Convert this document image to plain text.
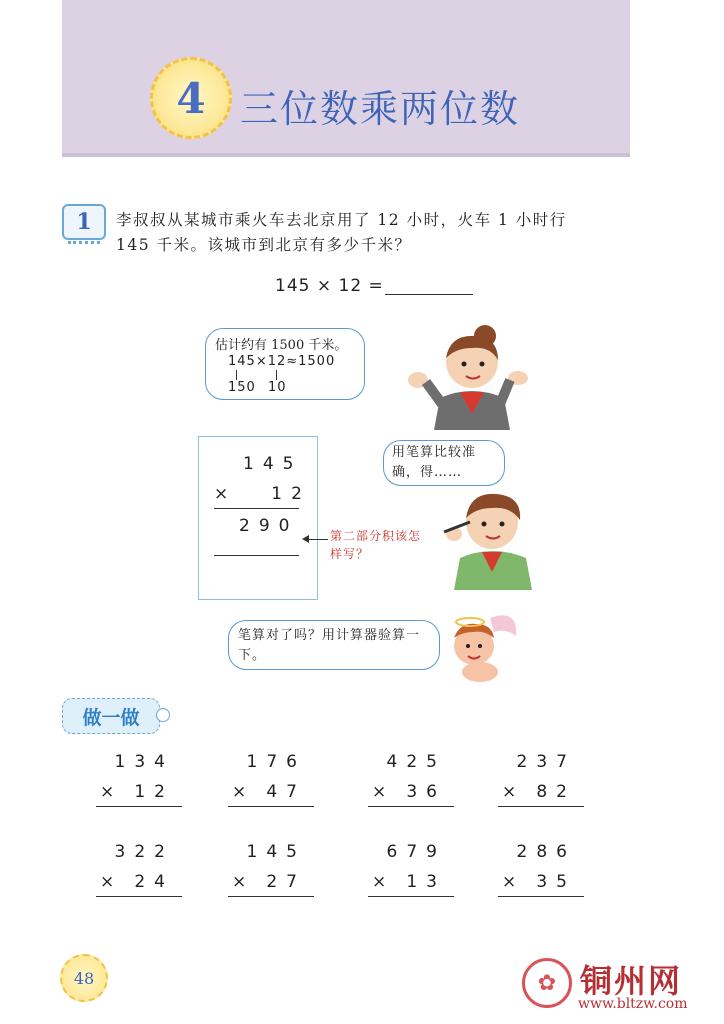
4 三位数乘两位数
1	李叔叔从某城市乘火车去北京用了 12 小时，火车 1 小时行
145 千米。该城市到北京有多少千米？
145 × 12 =
估计约有 1500 千米。
145×12≈1500
150 10
145
× 12
290	第二部分积该怎样写？
用笔算比较准确，得……
笔算对了吗？用计算器验算一下。
做一做
134
× 12
176
× 47
425
× 36
237
× 82
322
× 24
145
× 27
679
× 13
286
× 35
48	✿ 铜州网
www.bltzw.com
